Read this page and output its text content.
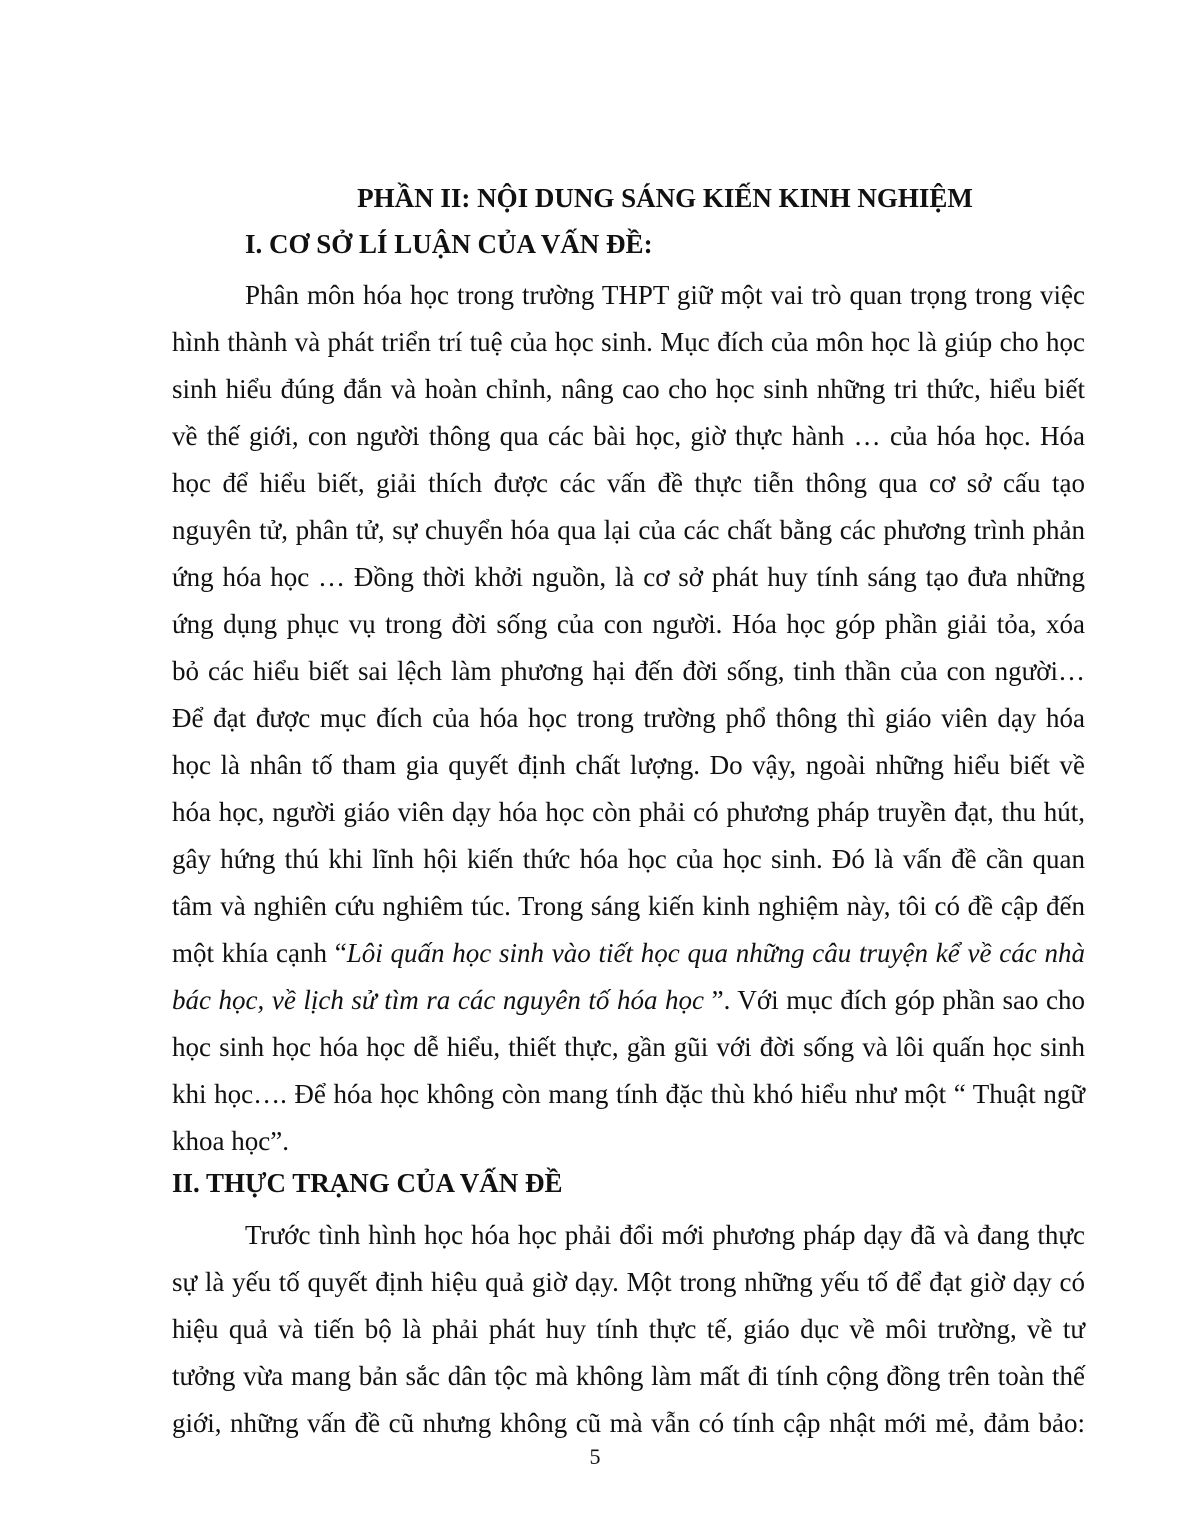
PHẦN II: NỘI DUNG SÁNG KIẾN KINH NGHIỆM
I. CƠ SỞ LÍ LUẬN CỦA VẤN ĐỀ:
Phân môn hóa học trong trường THPT giữ một vai trò quan trọng trong việc
hình thành và phát triển trí tuệ của học sinh. Mục đích của môn học là giúp cho học
sinh hiểu đúng đắn và hoàn chỉnh, nâng cao cho học sinh những tri thức, hiểu biết
về thế giới, con người thông qua các bài học, giờ thực hành … của hóa học. Hóa
học để hiểu biết, giải thích được các vấn đề thực tiễn thông qua cơ sở cấu tạo
nguyên tử, phân tử, sự chuyển hóa qua lại của các chất bằng các phương trình phản
ứng hóa học … Đồng thời khởi nguồn, là cơ sở phát huy tính sáng tạo đưa những
ứng dụng phục vụ trong đời sống của con người. Hóa học góp phần giải tỏa, xóa
bỏ các hiểu biết sai lệch làm phương hại đến đời sống, tinh thần của con người…
Để đạt được mục đích của hóa học trong trường phổ thông thì giáo viên dạy hóa
học là nhân tố tham gia quyết định chất lượng. Do vậy, ngoài những hiểu biết về
hóa học, người giáo viên dạy hóa học còn phải có phương pháp truyền đạt, thu hút,
gây hứng thú khi lĩnh hội kiến thức hóa học của học sinh. Đó là vấn đề cần quan
tâm và nghiên cứu nghiêm túc. Trong sáng kiến kinh nghiệm này, tôi có đề cập đến
một khía cạnh “Lôi quấn học sinh vào tiết học qua những câu truyện kể về các nhà
bác học, về lịch sử tìm ra các nguyên tố hóa học ”. Với mục đích góp phần sao cho
học sinh học hóa học dễ hiểu, thiết thực, gần gũi với đời sống và lôi quấn học sinh
khi học…. Để hóa học không còn mang tính đặc thù khó hiểu như một “ Thuật ngữ
khoa học”.
II. THỰC TRẠNG CỦA VẤN ĐỀ
Trước tình hình học hóa học phải đổi mới phương pháp dạy đã và đang thực
sự là yếu tố quyết định hiệu quả giờ dạy. Một trong những yếu tố để đạt giờ dạy có
hiệu quả và tiến bộ là phải phát huy tính thực tế, giáo dục về môi trường, về tư
tưởng vừa mang bản sắc dân tộc mà không làm mất đi tính cộng đồng trên toàn thế
giới, những vấn đề cũ nhưng không cũ mà vẫn có tính cập nhật mới mẻ, đảm bảo:
5
